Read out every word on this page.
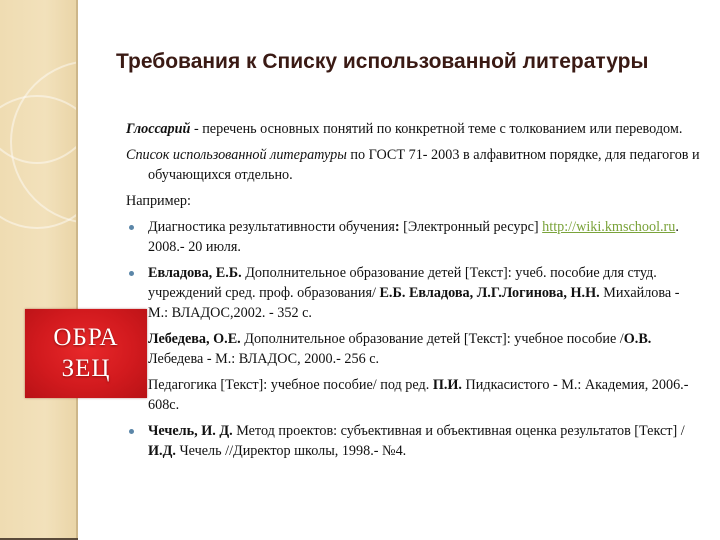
Требования к Списку использованной литературы

Глоссарий - перечень основных понятий по конкретной теме с толкованием или переводом.

Список использованной литературы по ГОСТ 71- 2003 в алфавитном порядке, для педагогов и обучающихся отдельно.

Например:

Диагностика результативности обучения: [Электронный ресурс] http://wiki.kmschool.ru. 2008.- 20 июля.
Евладова, Е.Б. Дополнительное образование детей [Текст]: учеб. пособие для студ. учреждений сред. проф. образования/ Е.Б. Евладова, Л.Г.Логинова, Н.Н. Михайлова - М.: ВЛАДОС,2002. - 352 с.
Лебедева, О.Е. Дополнительное образование детей [Текст]: учебное пособие /О.В. Лебедева - М.: ВЛАДОС, 2000.- 256 с.
Педагогика [Текст]: учебное пособие/ под ред. П.И. Пидкасистого - М.: Академия, 2006.- 608с.
Чечель, И. Д. Метод проектов: субъективная и объективная оценка результатов [Текст] / И.Д. Чечель //Директор школы, 1998.- №4.
ОБРА
ЗЕЦ
